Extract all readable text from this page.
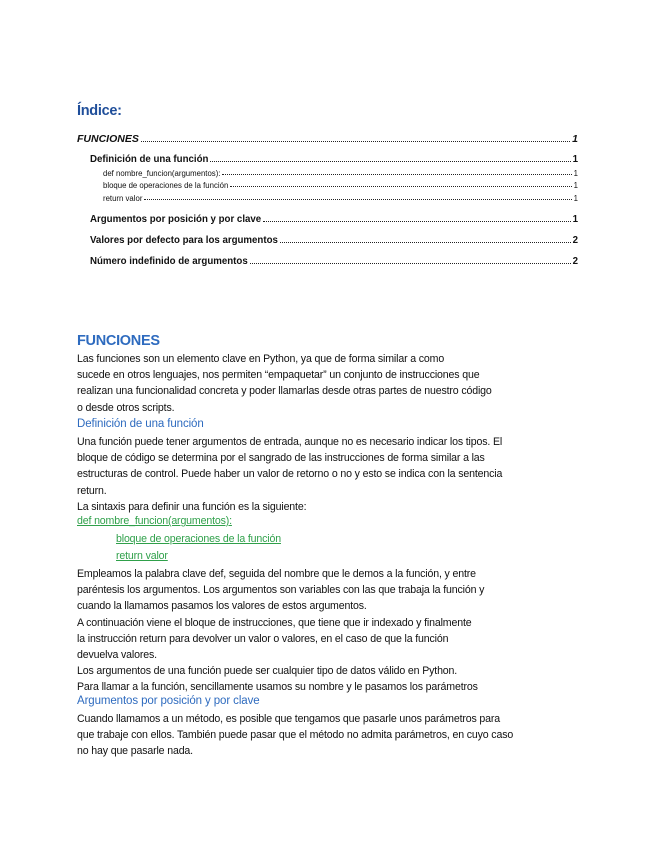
Índice:
FUNCIONES	1
Definición de una función	1
def nombre_funcion(argumentos):	1
bloque de operaciones de la función	1
return valor	1
Argumentos por posición y por clave	1
Valores por defecto para los argumentos	2
Número indefinido de argumentos	2
FUNCIONES
Las funciones son un elemento clave en Python, ya que de forma similar a como
sucede en otros lenguajes, nos permiten “empaquetar” un conjunto de instrucciones que
realizan una funcionalidad concreta y poder llamarlas desde otras partes de nuestro código
o desde otros scripts.
Definición de una función
Una función puede tener argumentos de entrada, aunque no es necesario indicar los tipos. El
bloque de código se determina por el sangrado de las instrucciones de forma similar a las
estructuras de control. Puede haber un valor de retorno o no y esto se indica con la sentencia
return.
La sintaxis para definir una función es la siguiente:
def nombre_funcion(argumentos):
bloque de operaciones de la función
return valor
Empleamos la palabra clave def, seguida del nombre que le demos a la función, y entre
paréntesis los argumentos. Los argumentos son variables con las que trabaja la función y
cuando la llamamos pasamos los valores de estos argumentos.
A continuación viene el bloque de instrucciones, que tiene que ir indexado y finalmente
la instrucción return para devolver un valor o valores, en el caso de que la función
devuelva valores.
Los argumentos de una función puede ser cualquier tipo de datos válido en Python.
Para llamar a la función, sencillamente usamos su nombre y le pasamos los parámetros
Argumentos por posición y por clave
Cuando llamamos a un método, es posible que tengamos que pasarle unos parámetros para
que trabaje con ellos. También puede pasar que el método no admita parámetros, en cuyo caso
no hay que pasarle nada.
